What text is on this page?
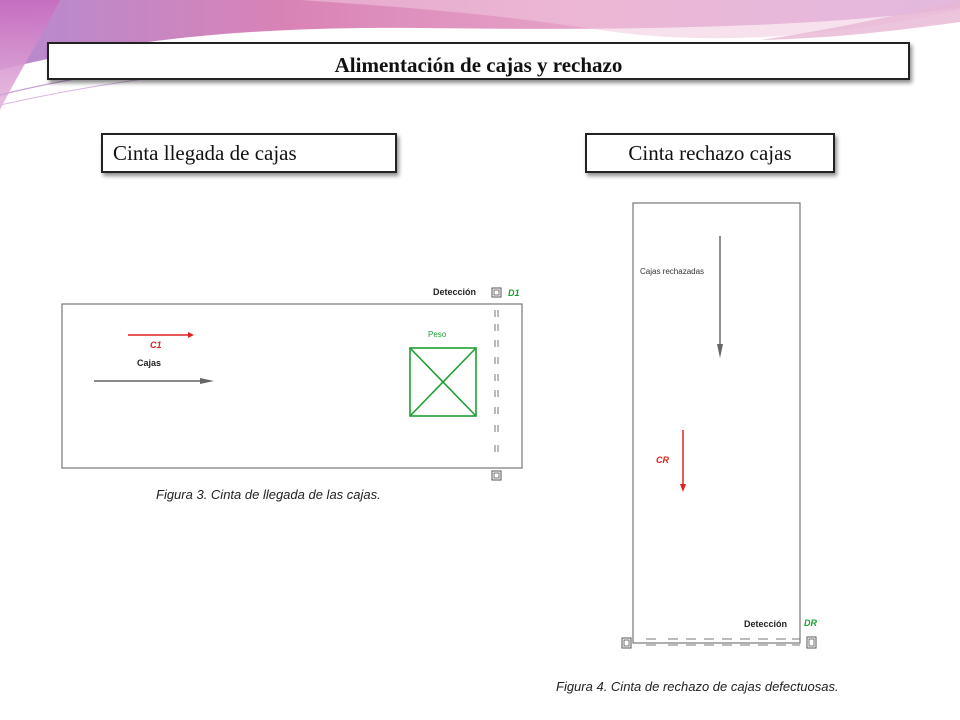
Alimentación de cajas y rechazo
Cinta llegada de cajas	Cinta rechazo cajas
Detección	D1
C1
Cajas
Peso
Figura 3. Cinta de llegada de las cajas.
Cajas rechazadas
CR
Detección DR
Figura 4. Cinta de rechazo de cajas defectuosas.
